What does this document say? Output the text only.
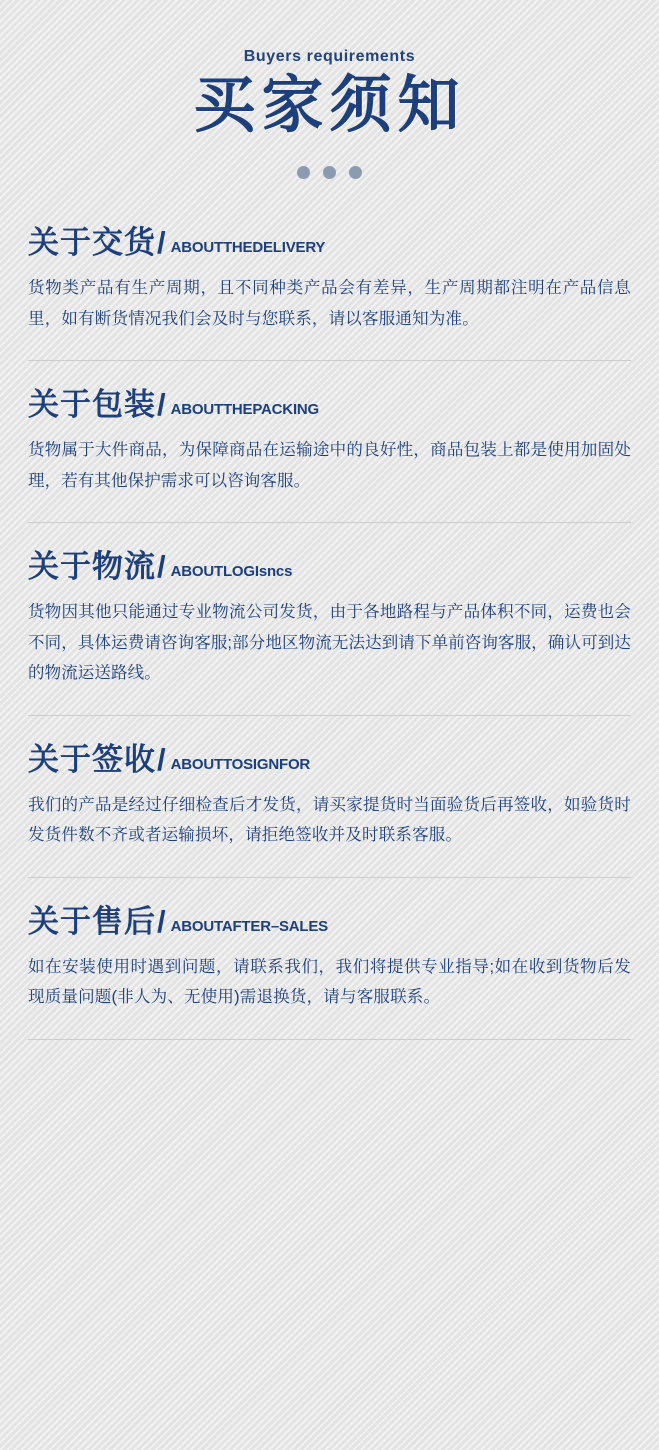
Buyers requirements

买家须知
关于交货 / ABOUTTHEDELIVERY
货物类产品有生产周期，且不同种类产品会有差异，生产周期都注明在产品信息里，如有断货情况我们会及时与您联系，请以客服通知为准。
关于包装 / ABOUTTHEPACKING
货物属于大件商品，为保障商品在运输途中的良好性，商品包装上都是使用加固处理，若有其他保护需求可以咨询客服。
关于物流 / ABOUTLOGIsncs
货物因其他只能通过专业物流公司发货，由于各地路程与产品体积不同，运费也会不同，具体运费请咨询客服;部分地区物流无法达到请下单前咨询客服，确认可到达的物流运送路线。
关于签收 / ABOUTTOSIGNFOR
我们的产品是经过仔细检查后才发货，请买家提货时当面验货后再签收，如验货时发货件数不齐或者运输损坏，请拒绝签收并及时联系客服。
关于售后 / ABOUTAFTER–SALES
如在安装使用时遇到问题，请联系我们，我们将提供专业指导;如在收到货物后发现质量问题(非人为、无使用)需退换货，请与客服联系。
